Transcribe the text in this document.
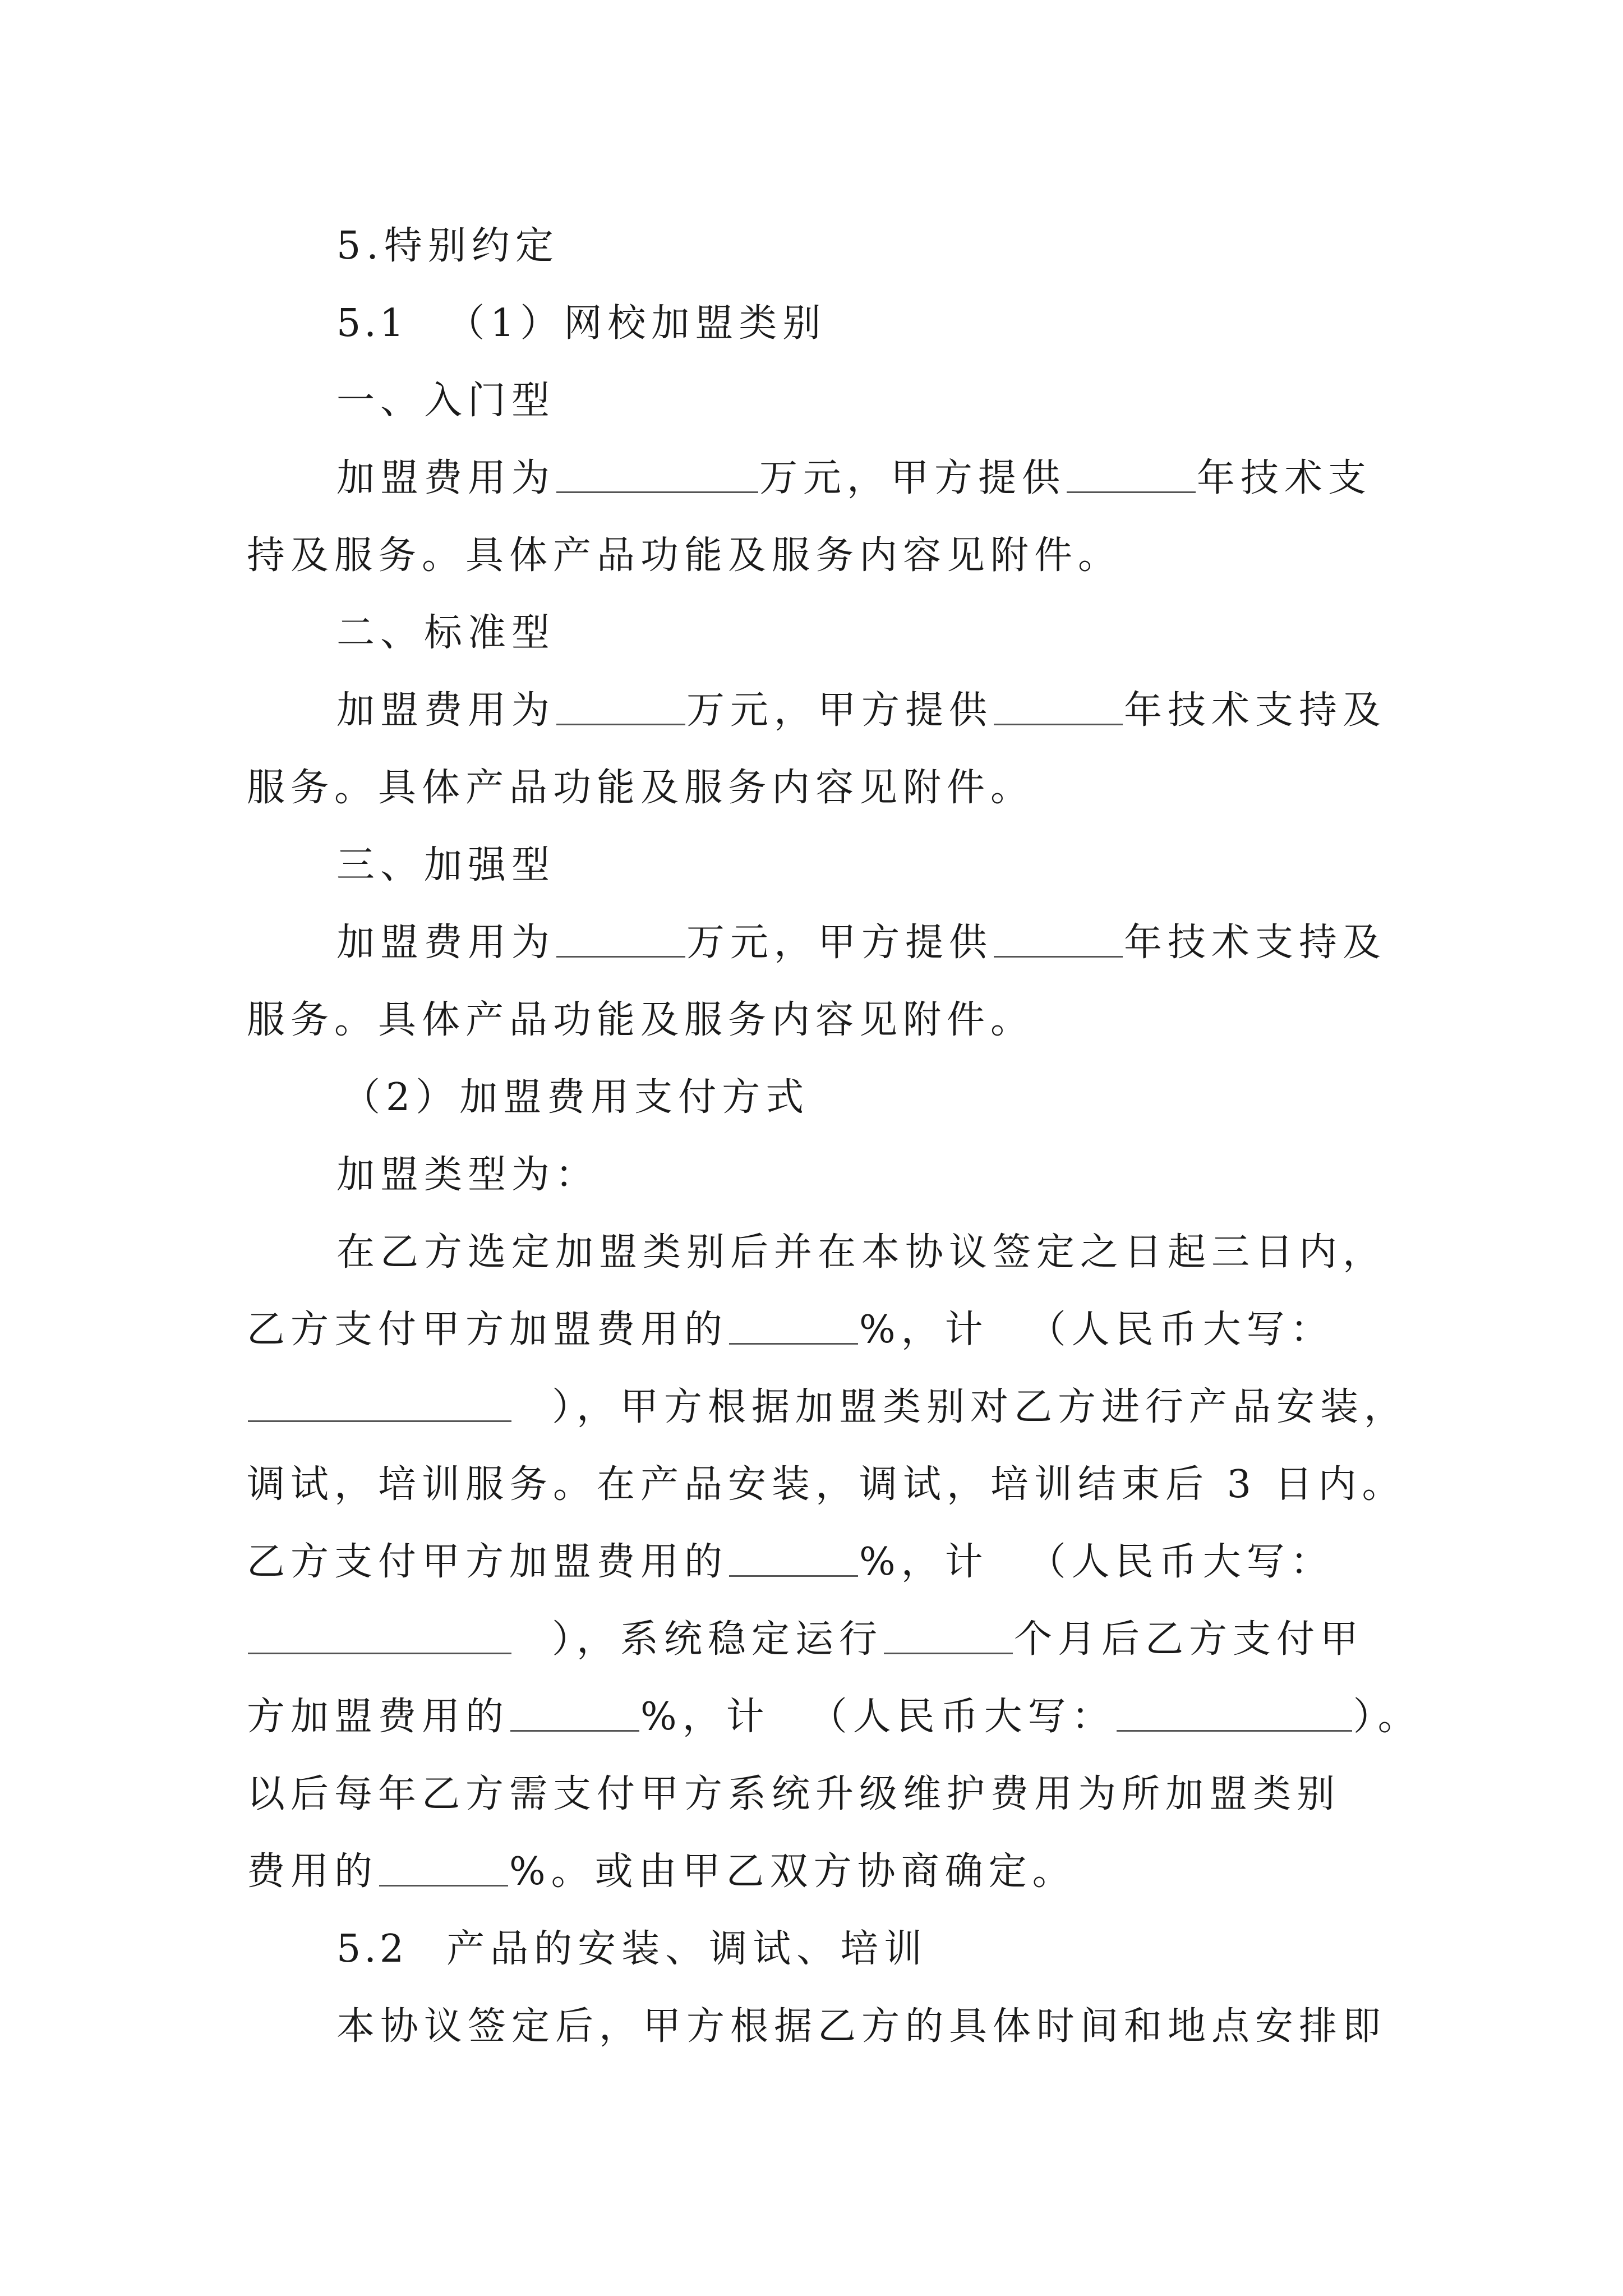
5.特别约定
5.1 （1）网校加盟类别
一、入门型
加盟费用为	万元，甲方提供	年技术支
持及服务。具体产品功能及服务内容见附件。
二、标准型
加盟费用为	万元，甲方提供	年技术支持及
服务。具体产品功能及服务内容见附件。
三、加强型
加盟费用为	万元，甲方提供	年技术支持及
服务。具体产品功能及服务内容见附件。
（2）加盟费用支付方式
加盟类型为：
在乙方选定加盟类别后并在本协议签定之日起三日内，
乙方支付甲方加盟费用的	%，计 （人民币大写：
），甲方根据加盟类别对乙方进行产品安装，
调试，培训服务。在产品安装，调试，培训结束后 3 日内。
乙方支付甲方加盟费用的	%，计 （人民币大写：
），系统稳定运行	个月后乙方支付甲
方加盟费用的	%，计 （人民币大写：	）。
以后每年乙方需支付甲方系统升级维护费用为所加盟类别
费用的	%。或由甲乙双方协商确定。
5.2 产品的安装、调试、培训
本协议签定后，甲方根据乙方的具体时间和地点安排即
